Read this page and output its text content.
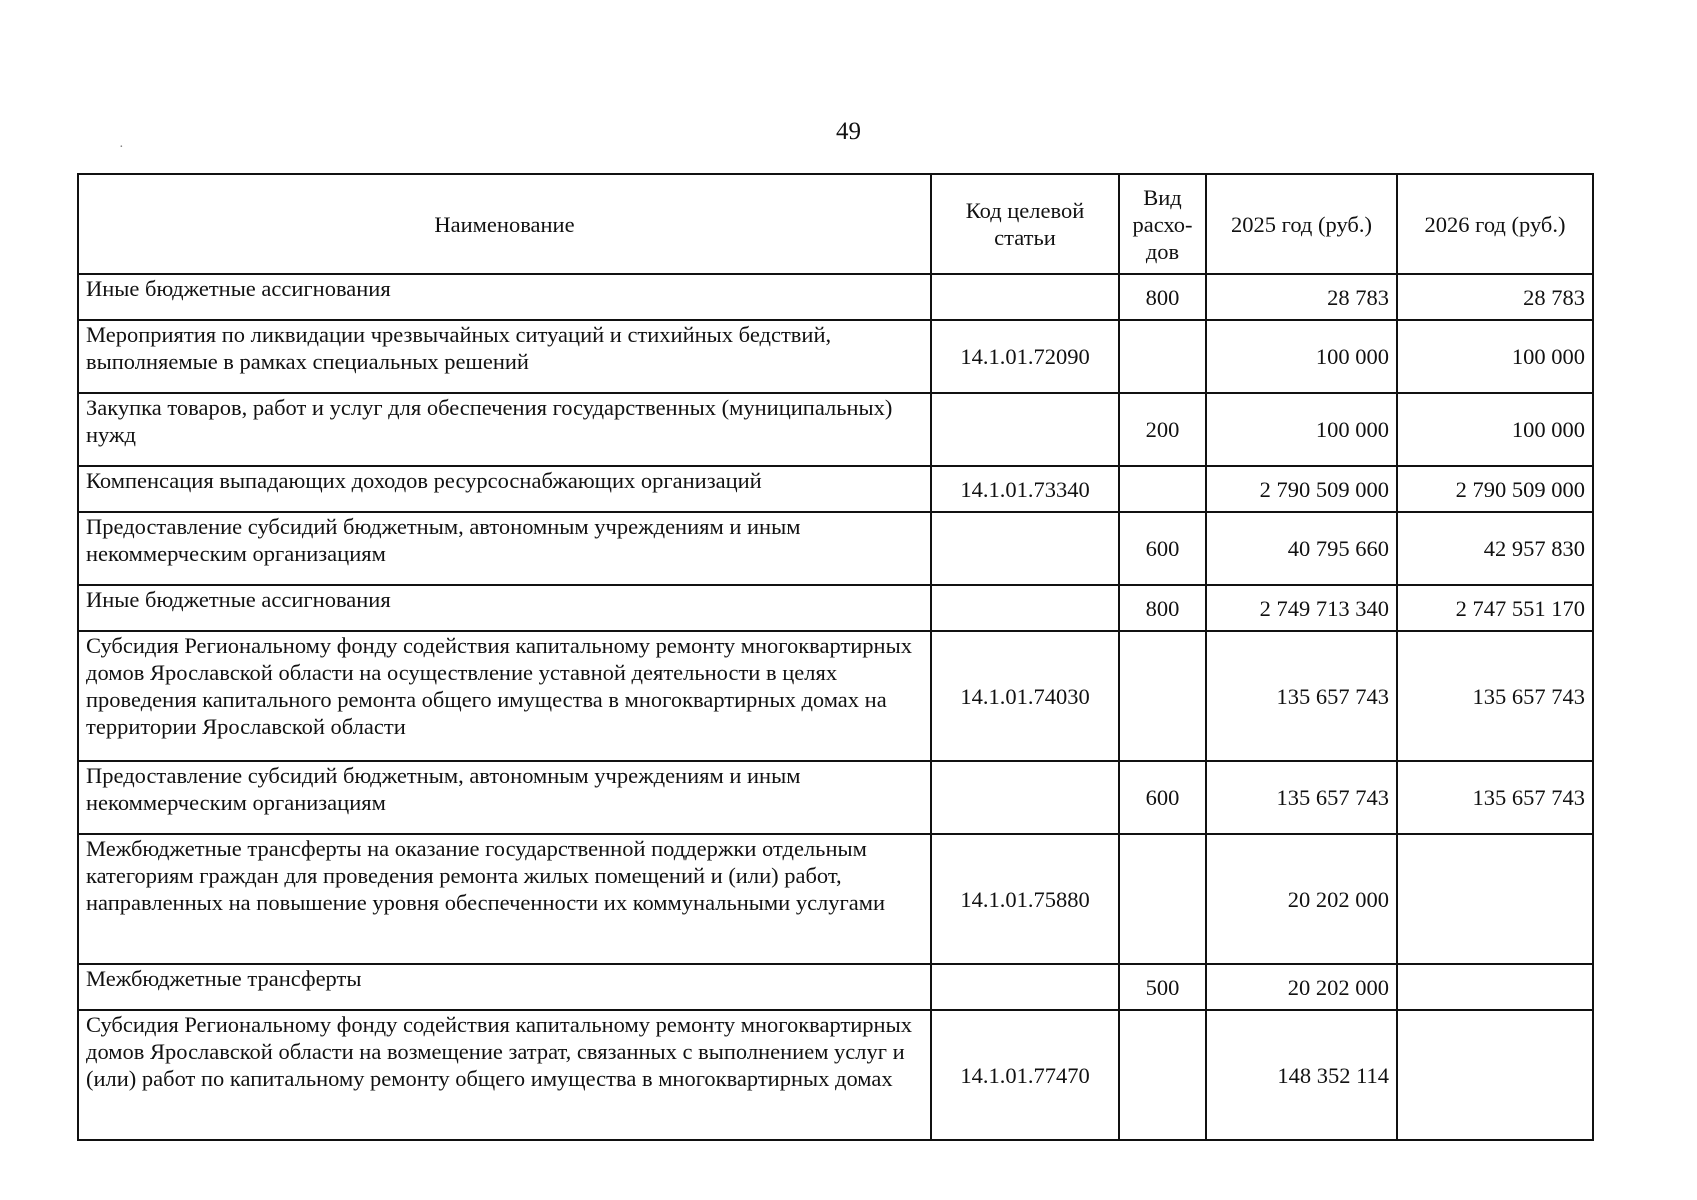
·
49
Наименование	Код целевой статьи	Вид расхо-дов	2025 год (руб.)	2026 год (руб.)
Иные бюджетные ассигнования		800	28 783	28 783
Мероприятия по ликвидации чрезвычайных ситуаций и стихийных бедствий, выполняемые в рамках специальных решений	14.1.01.72090		100 000	100 000
Закупка товаров, работ и услуг для обеспечения государственных (муниципальных) нужд		200	100 000	100 000
Компенсация выпадающих доходов ресурсоснабжающих организаций	14.1.01.73340		2 790 509 000	2 790 509 000
Предоставление субсидий бюджетным, автономным учреждениям и иным некоммерческим организациям		600	40 795 660	42 957 830
Иные бюджетные ассигнования		800	2 749 713 340	2 747 551 170
Субсидия Региональному фонду содействия капитальному ремонту многоквартирных домов Ярославской области на осуществление уставной деятельности в целях проведения капитального ремонта общего имущества в многоквартирных домах на территории Ярославской области	14.1.01.74030		135 657 743	135 657 743
Предоставление субсидий бюджетным, автономным учреждениям и иным некоммерческим организациям		600	135 657 743	135 657 743
Межбюджетные трансферты на оказание государственной поддержки отдельным категориям граждан для проведения ремонта жилых помещений и (или) работ, направленных на повышение уровня обеспеченности их коммунальными услугами	14.1.01.75880		20 202 000	
Межбюджетные трансферты		500	20 202 000	
Субсидия Региональному фонду содействия капитальному ремонту многоквартирных домов Ярославской области на возмещение затрат, связанных с выполнением услуг и (или) работ по капитальному ремонту общего имущества в многоквартирных домах	14.1.01.77470		148 352 114	
